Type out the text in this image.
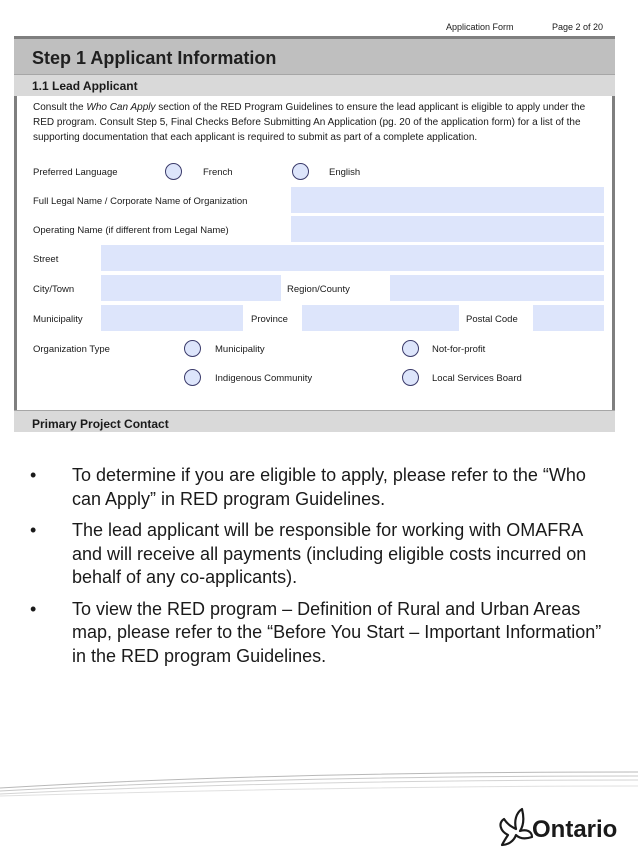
Application Form	Page 2 of 20
Step 1 Applicant Information
1.1 Lead Applicant
Consult the Who Can Apply section of the RED Program Guidelines to ensure the lead applicant is eligible to apply under the RED program. Consult Step 5, Final Checks Before Submitting An Application (pg. 20 of the application form) for a list of the supporting documentation that each applicant is required to submit as part of a complete application.
Preferred Language	French	English
Full Legal Name / Corporate Name of Organization
Operating Name (if different from Legal Name)
Street
City/Town	Region/County
Municipality	Province	Postal Code
Organization Type	Municipality	Not-for-profit
Indigenous Community	Local Services Board
Primary Project Contact
• To determine if you are eligible to apply, please refer to the “Who can Apply” in RED program Guidelines.
• The lead applicant will be responsible for working with OMAFRA and will receive all payments (including eligible costs incurred on behalf of any co-applicants).
• To view the RED program – Definition of Rural and Urban Areas map, please refer to the “Before You Start – Important Information” in the RED program Guidelines.
Ontario
